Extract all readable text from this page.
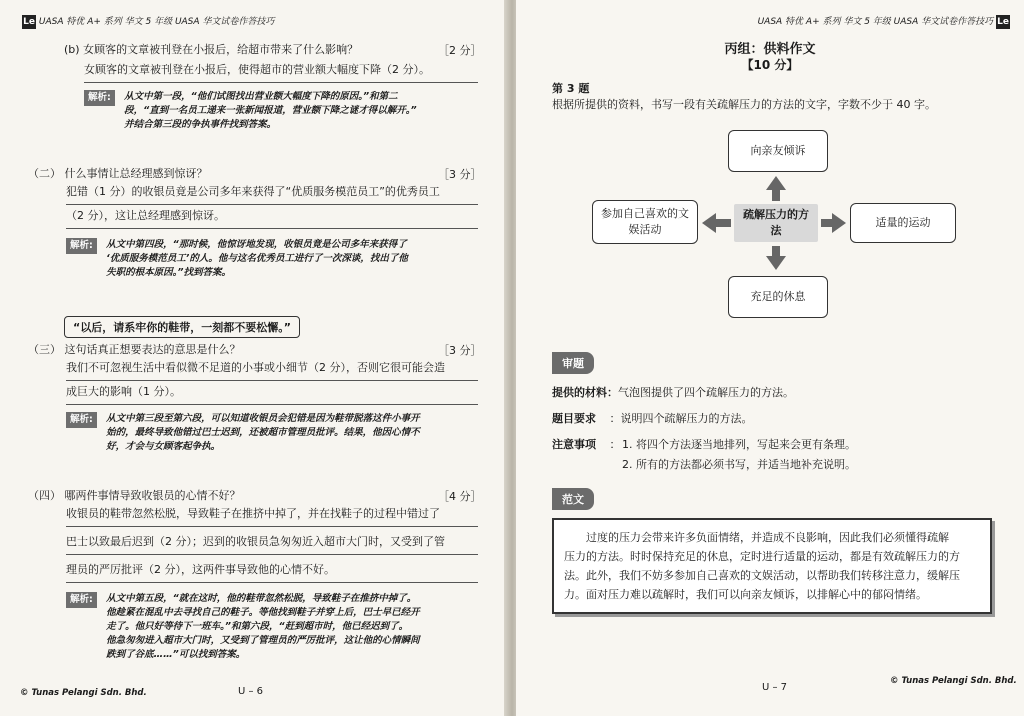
Le UASA 特优 A+ 系列 华文 5 年级 UASA 华文试卷作答技巧
(b) 女顾客的文章被刊登在小报后，给超市带来了什么影响？	［2 分］
女顾客的文章被刊登在小报后，使得超市的营业额大幅度下降（2 分）。
解析: 从文中第一段，“他们试图找出营业额大幅度下降的原因。”和第二
段，“直到一名员工递来一张新闻报道，营业额下降之谜才得以解开。”
并结合第三段的争执事件找到答案。
（二） 什么事情让总经理感到惊讶？	［3 分］
犯错（1 分）的收银员竟是公司多年来获得了“优质服务模范员工”的优秀员工
（2 分），这让总经理感到惊讶。
解析: 从文中第四段，“那时候，他惊讶地发现，收银员竟是公司多年来获得了
‘优质服务模范员工’的人。他与这名优秀员工进行了一次深谈，找出了他
失职的根本原因。”找到答案。
“以后，请系牢你的鞋带，一刻都不要松懈。”
（三） 这句话真正想要表达的意思是什么？	［3 分］
我们不可忽视生活中看似微不足道的小事或小细节（2 分），否则它很可能会造
成巨大的影响（1 分）。
解析: 从文中第三段至第六段，可以知道收银员会犯错是因为鞋带脱落这件小事开
始的，最终导致他错过巴士迟到，还被超市管理员批评。结果，他因心情不
好，才会与女顾客起争执。
（四） 哪两件事情导致收银员的心情不好？	［4 分］
收银员的鞋带忽然松脱，导致鞋子在推挤中掉了，并在找鞋子的过程中错过了
巴士以致最后迟到（2 分）；迟到的收银员急匆匆近入超市大门时，又受到了管
理员的严厉批评（2 分），这两件事导致他的心情不好。
解析: 从文中第五段，“就在这时，他的鞋带忽然松脱，导致鞋子在推挤中掉了。
他趁紧在混乱中去寻找自己的鞋子。等他找到鞋子并穿上后，巴士早已经开
走了。他只好等待下一班车。”和第六段，“赶到超市时，他已经迟到了。
他急匆匆进入超市大门时，又受到了管理员的严厉批评，这让他的心情瞬间
跌到了谷底……”可以找到答案。
© Tunas Pelangi Sdn. Bhd.	U – 6
UASA 特优 A+ 系列 华文 5 年级 UASA 华文试卷作答技巧 Le
丙组：供料作文
【10 分】
第 3 题
根据所提供的资料，书写一段有关疏解压力的方法的文字，字数不少于 40 字。
向亲友倾诉
参加自己喜欢的文娱活动
适量的运动
充足的休息
疏解压力的方法
审题
提供的材料：气泡图提供了四个疏解压力的方法。
题目要求 ：说明四个疏解压力的方法。
注意事项 ： 1. 将四个方法逐当地排列，写起来会更有条理。
2. 所有的方法都必须书写，并适当地补充说明。
范文
过度的压力会带来许多负面情绪，并造成不良影响，因此我们必须懂得疏解
压力的方法。时时保持充足的休息，定时进行适量的运动，都是有效疏解压力的方
法。此外，我们不妨多参加自己喜欢的文娱活动，以帮助我们转移注意力，缓解压
力。面对压力难以疏解时，我们可以向亲友倾诉，以排解心中的郁闷情绪。
U – 7
© Tunas Pelangi Sdn. Bhd.
